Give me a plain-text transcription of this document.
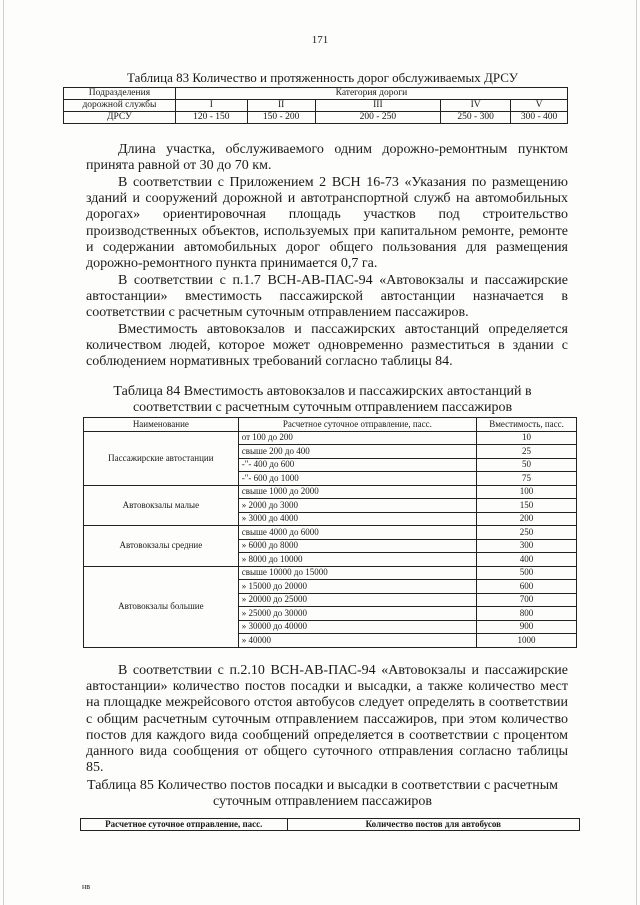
171
Таблица 83 Количество и протяженность дорог обслуживаемых ДРСУ
Подразделения	Категория дороги				
дорожной службы	I	II	III	IV	V
ДРСУ	120 - 150	150 - 200	200 - 250	250 - 300	300 - 400

Длина участка, обслуживаемого одним дорожно-ремонтным пунктом принята равной от 30 до 70 км.

В соответствии с Приложением 2 ВСН 16-73 «Указания по размещению зданий и сооружений дорожной и автотранспортной служб на автомобильных дорогах» ориентировочная площадь участков под строительство производственных объектов, используемых при капитальном ремонте, ремонте и содержании автомобильных дорог общего пользования для размещения дорожно-ремонтного пункта принимается 0,7 га.

В соответствии с п.1.7 ВСН-АВ-ПАС-94 «Автовокзалы и пассажирские автостанции» вместимость пассажирской автостанции назначается в соответствии с расчетным суточным отправлением пассажиров.

Вместимость автовокзалов и пассажирских автостанций определяется количеством людей, которое может одновременно разместиться в здании с соблюдением нормативных требований согласно таблицы 84.

Таблица 84 Вместимость автовокзалов и пассажирских автостанций в
соответствии с расчетным суточным отправлением пассажиров
Наименование	Расчетное суточное отправление, пасс.	Вместимость, пасс.
Пассажирские автостанции	от 100 до 200	10
	свыше 200 до 400	25
	-"- 400 до 600	50
	-"- 600 до 1000	75
Автовокзалы малые	свыше 1000 до 2000	100
	» 2000 до 3000	150
	» 3000 до 4000	200
Автовокзалы средние	свыше 4000 до 6000	250
	» 6000 до 8000	300
	» 8000 до 10000	400
Автовокзалы большие	свыше 10000 до 15000	500
	» 15000 до 20000	600
	» 20000 до 25000	700
	» 25000 до 30000	800
	» 30000 до 40000	900
	» 40000	1000

В соответствии с п.2.10 ВСН-АВ-ПАС-94 «Автовокзалы и пассажирские автостанции» количество постов посадки и высадки, а также количество мест на площадке межрейсового отстоя автобусов следует определять в соответствии с общим расчетным суточным отправлением пассажиров, при этом количество постов для каждого вида сообщений определяется в соответствии с процентом данного вида сообщения от общего суточного отправления согласно таблицы 85.

Таблица 85 Количество постов посадки и высадки в соответствии с расчетным
суточным отправлением пассажиров
Расчетное суточное отправление, пасс.	Количество постов для автобусов
нв
